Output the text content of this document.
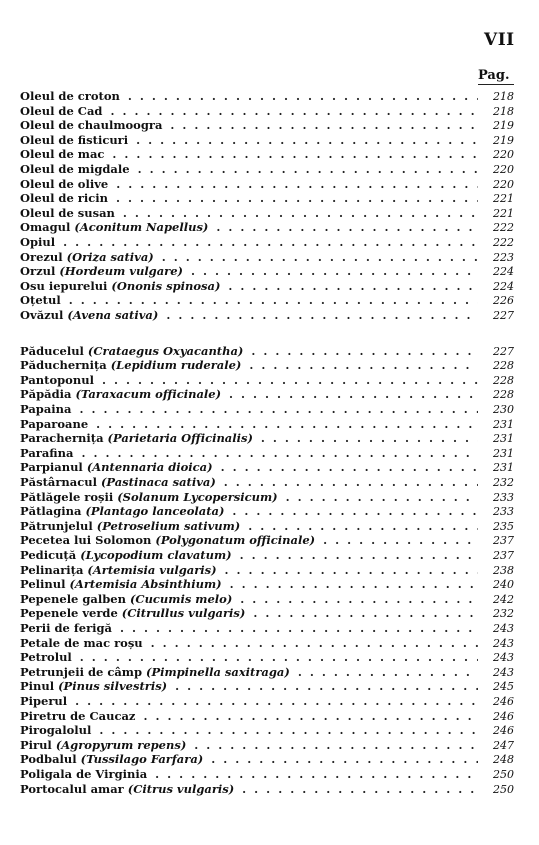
VII
Pag.
Oleul de croton . . .	218
Oleul de Cad . . .	218
Oleul de chaulmoogra . . .	219
Oleul de fisticuri . . .	219
Oleul de mac . . .	220
Oleul de migdale . . .	220
Oleul de olive . . .	220
Oleul de ricin . . .	221
Oleul de susan . . .	221
Omagul (Aconitum Napellus) . . .	222
Opiul . . .	222
Orezul (Oriza sativa) . . .	223
Orzul (Hordeum vulgare) . . .	224
Osu iepurelui (Ononis spinosa) . . .	224
Oțetul . . .	226
Ovăzul (Avena sativa) . . .	227
Păducelul (Crataegus Oxyacantha) . . .	227
Păduchernița (Lepidium ruderale) . . .	228
Pantoponul . . .	228
Păpădia (Taraxacum officinale) . . .	228
Papaina . . .	230
Paparoane . . .	231
Parachernița (Parietaria Officinalis) . . .	231
Parafina . . .	231
Parpianul (Antennaria dioica) . . .	231
Păstârnacul (Pastinaca sativa) . . .	232
Pătlăgele roșii (Solanum Lycopersicum) . . .	233
Pătlagina (Plantago lanceolata) . . .	233
Pătrunjelul (Petroselium sativum) . . .	235
Pecetea lui Solomon (Polygonatum officinale) . . .	237
Pedicuță (Lycopodium clavatum) . . .	237
Pelinarița (Artemisia vulgaris) . . .	238
Pelinul (Artemisia Absinthium) . . .	240
Pepenele galben (Cucumis melo) . . .	242
Pepenele verde (Citrullus vulgaris) . . .	232
Perii de ferigă . . .	243
Petale de mac roșu . . .	243
Petrolul . . .	243
Petrunjeii de câmp (Pimpinella saxitraga) . . .	243
Pinul (Pinus silvestris) . . .	245
Piperul . . .	246
Piretru de Caucaz . . .	246
Pirogalolul . . .	246
Pirul (Agropyrum repens) . . .	247
Podbalul (Tussilago Farfara) . . .	248
Poligala de Virginia . . .	250
Portocalul amar (Citrus vulgaris) . . .	250
